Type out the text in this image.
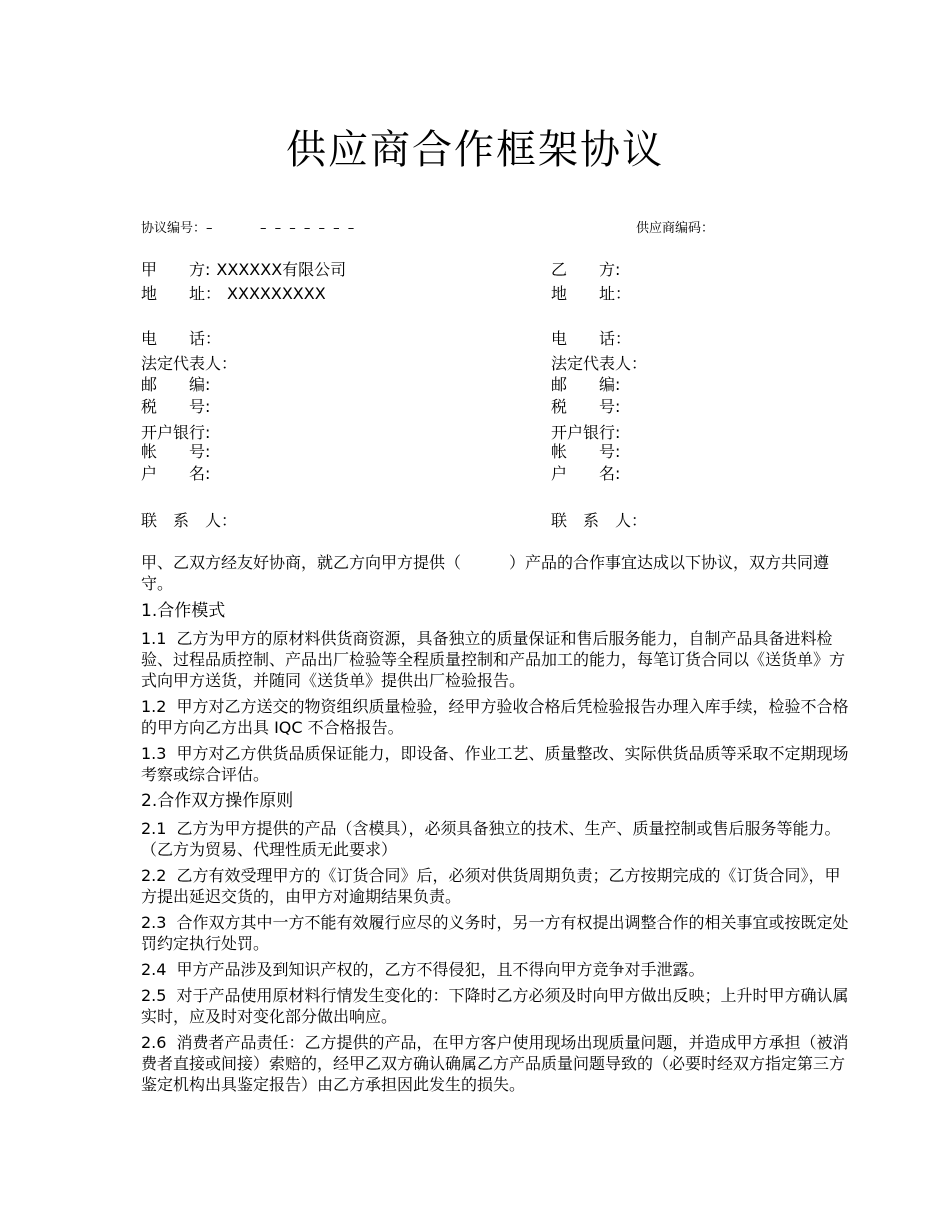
供应商合作框架协议
协议编号：–	– – – – – – –	供应商编码：
甲　　方: XXXXXX有限公司
地　　址： XXXXXXXXX
电　　话：
法定代表人：
邮　　编:
税　　号:
开户银行:
帐　　号:
户　　名:
联　系　人：
乙　　方:
地　　址：
电　　话：
法定代表人：
邮　　编:
税　　号:
开户银行:
帐　　号:
户　　名:
联　系　人：

甲、乙双方经友好协商，就乙方向甲方提供（　　　）产品的合作事宜达成以下协议，双方共同遵守。

1.合作模式

1.1 乙方为甲方的原材料供货商资源，具备独立的质量保证和售后服务能力，自制产品具备进料检验、过程品质控制、产品出厂检验等全程质量控制和产品加工的能力，每笔订货合同以《送货单》方式向甲方送货，并随同《送货单》提供出厂检验报告。

1.2 甲方对乙方送交的物资组织质量检验，经甲方验收合格后凭检验报告办理入库手续，检验不合格的甲方向乙方出具 IQC 不合格报告。

1.3 甲方对乙方供货品质保证能力，即设备、作业工艺、质量整改、实际供货品质等采取不定期现场考察或综合评估。

2.合作双方操作原则

2.1 乙方为甲方提供的产品（含模具），必须具备独立的技术、生产、质量控制或售后服务等能力。（乙方为贸易、代理性质无此要求）

2.2 乙方有效受理甲方的《订货合同》后，必须对供货周期负责；乙方按期完成的《订货合同》，甲方提出延迟交货的，由甲方对逾期结果负责。

2.3 合作双方其中一方不能有效履行应尽的义务时，另一方有权提出调整合作的相关事宜或按既定处罚约定执行处罚。

2.4 甲方产品涉及到知识产权的，乙方不得侵犯，且不得向甲方竞争对手泄露。

2.5 对于产品使用原材料行情发生变化的：下降时乙方必须及时向甲方做出反映；上升时甲方确认属实时，应及时对变化部分做出响应。

2.6 消费者产品责任：乙方提供的产品，在甲方客户使用现场出现质量问题，并造成甲方承担（被消费者直接或间接）索赔的，经甲乙双方确认确属乙方产品质量问题导致的（必要时经双方指定第三方鉴定机构出具鉴定报告）由乙方承担因此发生的损失。
